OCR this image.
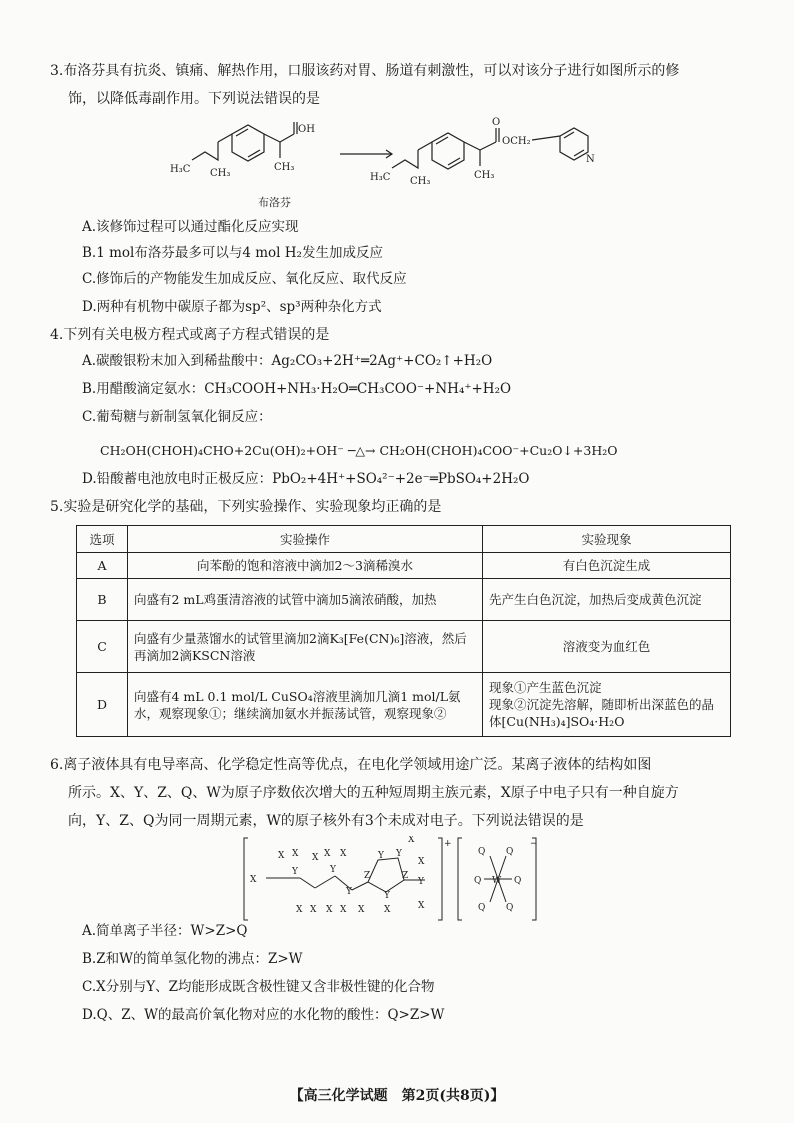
3.布洛芬具有抗炎、镇痛、解热作用，口服该药对胃、肠道有刺激性，可以对该分子进行如图所示的修
饰，以降低毒副作用。下列说法错误的是
OH
CH₃
H₃C CH₃
O
OCH₂
CH₃
H₃C CH₃
N
布洛芬
A.该修饰过程可以通过酯化反应实现
B.1 mol布洛芬最多可以与4 mol H₂发生加成反应
C.修饰后的产物能发生加成反应、氧化反应、取代反应
D.两种有机物中碳原子都为sp²、sp³两种杂化方式
4.下列有关电极方程式或离子方程式错误的是
A.碳酸银粉末加入到稀盐酸中：Ag₂CO₃+2H⁺═2Ag⁺+CO₂↑+H₂O
B.用醋酸滴定氨水：CH₃COOH+NH₃·H₂O═CH₃COO⁻+NH₄⁺+H₂O
C.葡萄糖与新制氢氧化铜反应：
CH₂OH(CHOH)₄CHO+2Cu(OH)₂+OH⁻ ─△→ CH₂OH(CHOH)₄COO⁻+Cu₂O↓+3H₂O
D.铅酸蓄电池放电时正极反应：PbO₂+4H⁺+SO₄²⁻+2e⁻═PbSO₄+2H₂O
5.实验是研究化学的基础，下列实验操作、实验现象均正确的是
选项	实验操作	实验现象
A	向苯酚的饱和溶液中滴加2～3滴稀溴水	有白色沉淀生成
B	向盛有2 mL鸡蛋清溶液的试管中滴加5滴浓硝酸，加热	先产生白色沉淀，加热后变成黄色沉淀
C	向盛有少量蒸馏水的试管里滴加2滴K₃[Fe(CN)₆]溶液，然后再滴加2滴KSCN溶液	溶液变为血红色
D	向盛有4 mL 0.1 mol/L CuSO₄溶液里滴加几滴1 mol/L氨水，观察现象①；继续滴加氨水并振荡试管，观察现象②	现象①产生蓝色沉淀
现象②沉淀先溶解，随即析出深蓝色的晶体[Cu(NH₃)₄]SO₄·H₂O
6.离子液体具有电导率高、化学稳定性高等优点，在电化学领域用途广泛。某离子液体的结构如图
所示。X、Y、Z、Q、W为原子序数依次增大的五种短周期主族元素，X原子中电子只有一种自旋方
向，Y、Z、Q为同一周期元素，W的原子核外有3个未成对电子。下列说法错误的是
X
Y
X X X
Y
X X
Y
X X X X X
Y Y
Z
Y
Z
X
Y
X
X
X
+	−
W
Q Q
Q	Q
Q Q
A.简单离子半径：W>Z>Q
B.Z和W的简单氢化物的沸点：Z>W
C.X分别与Y、Z均能形成既含极性键又含非极性键的化合物
D.Q、Z、W的最高价氧化物对应的水化物的酸性：Q>Z>W
【高三化学试题　第2页(共8页)】
